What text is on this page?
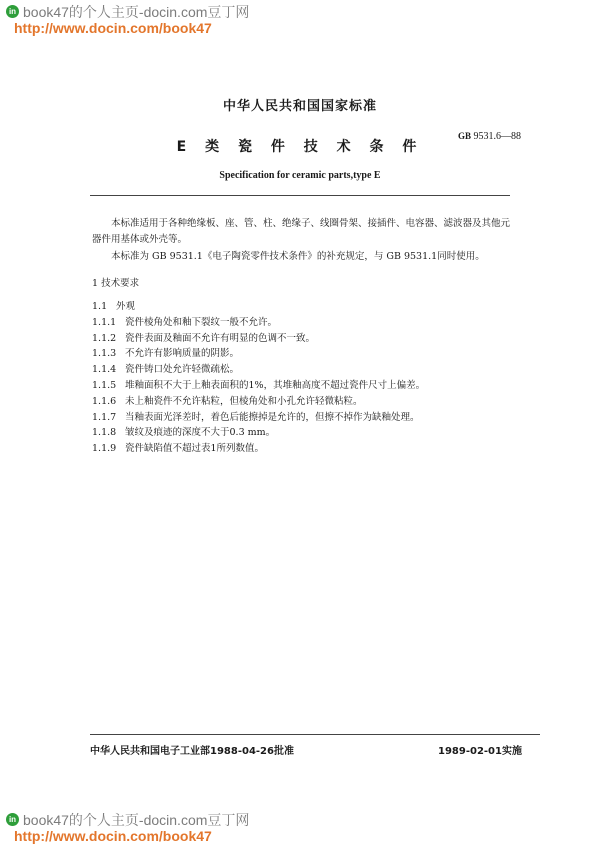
in book47的个人主页-docin.com豆丁网
http://www.docin.com/book47
中华人民共和国国家标准
GB 9531.6—88
E 类 瓷 件 技 术 条 件
Specification for ceramic parts,type E
本标准适用于各种绝缘板、座、管、柱、绝缘子、线圈骨架、接插件、电容器、滤波器及其他元器件用基体或外壳等。
本标准为 GB 9531.1《电子陶瓷零件技术条件》的补充规定，与 GB 9531.1同时使用。
1 技术要求
1.1 外观
1.1.1 瓷件棱角处和釉下裂纹一般不允许。
1.1.2 瓷件表面及釉面不允许有明显的色调不一致。
1.1.3 不允许有影响质量的阴影。
1.1.4 瓷件铸口处允许轻微疏松。
1.1.5 堆釉面积不大于上釉表面积的1%，其堆釉高度不超过瓷件尺寸上偏差。
1.1.6 未上釉瓷件不允许粘粒，但棱角处和小孔允许轻微粘粒。
1.1.7 当釉表面光泽差时，着色后能擦掉是允许的，但擦不掉作为缺釉处理。
1.1.8 皱纹及痕迹的深度不大于0.3 mm。
1.1.9 瓷件缺陷值不超过表1所列数值。
中华人民共和国电子工业部1988-04-26批准	1989-02-01实施
in book47的个人主页-docin.com豆丁网
http://www.docin.com/book47
